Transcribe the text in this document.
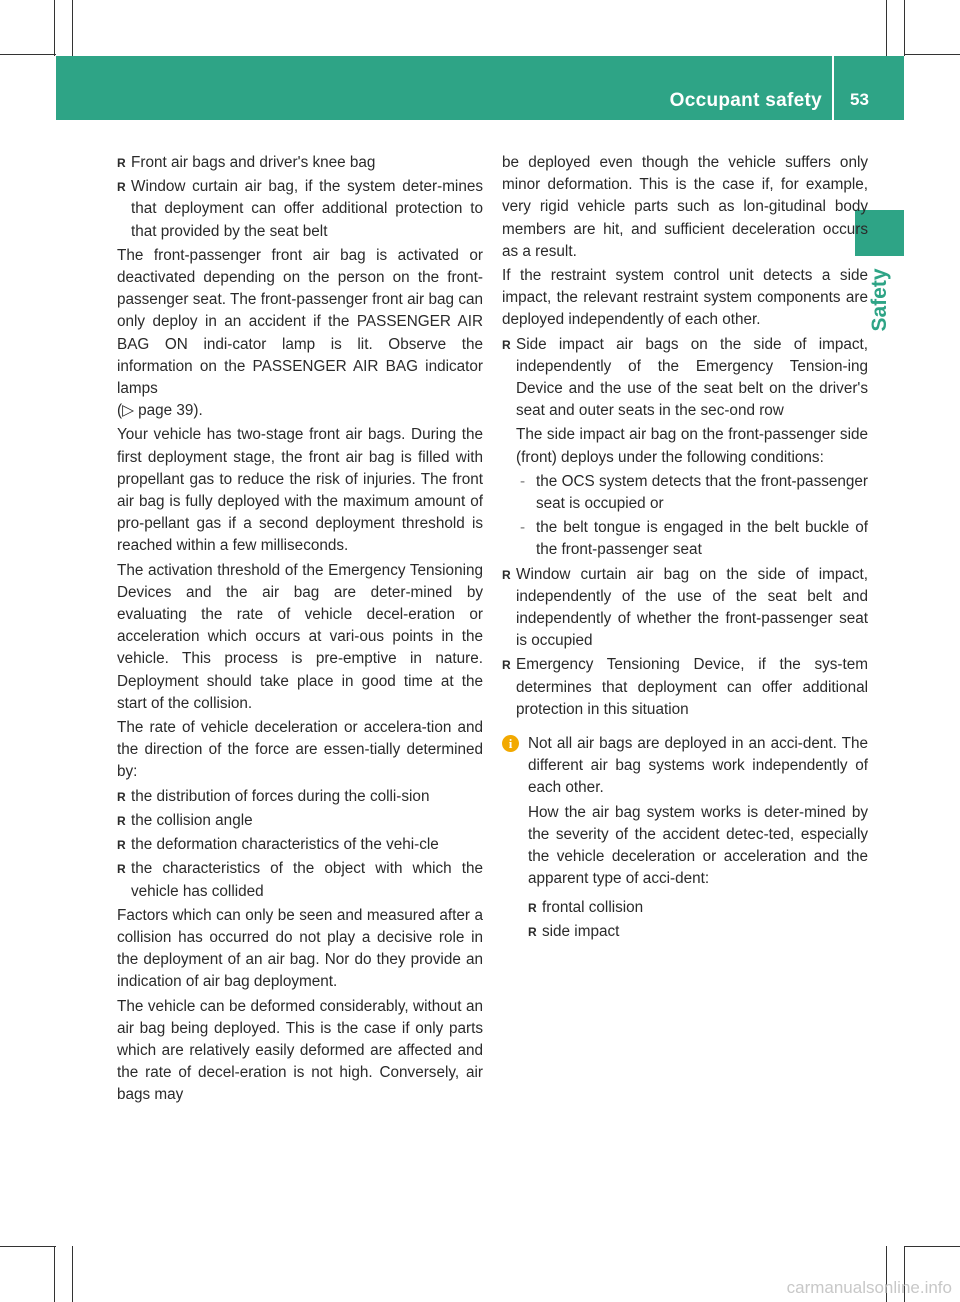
Occupant safety 53
Safety
R Front air bags and driver's knee bag
R Window curtain air bag, if the system deter-mines that deployment can offer additional protection to that provided by the seat belt

The front-passenger front air bag is activated or deactivated depending on the person on the front-passenger seat. The front-passenger front air bag can only deploy in an accident if the PASSENGER AIR BAG ON indi-cator lamp is lit. Observe the information on the PASSENGER AIR BAG indicator lamps

(▷ page 39).

Your vehicle has two-stage front air bags. During the first deployment stage, the front air bag is filled with propellant gas to reduce the risk of injuries. The front air bag is fully deployed with the maximum amount of pro-pellant gas if a second deployment threshold is reached within a few milliseconds.

The activation threshold of the Emergency Tensioning Devices and the air bag are deter-mined by evaluating the rate of vehicle decel-eration or acceleration which occurs at vari-ous points in the vehicle. This process is pre-emptive in nature. Deployment should take place in good time at the start of the collision.

The rate of vehicle deceleration or accelera-tion and the direction of the force are essen-tially determined by:

R the distribution of forces during the colli-sion
R the collision angle
R the deformation characteristics of the vehi-cle
R the characteristics of the object with which the vehicle has collided

Factors which can only be seen and measured after a collision has occurred do not play a decisive role in the deployment of an air bag. Nor do they provide an indication of air bag deployment.

The vehicle can be deformed considerably, without an air bag being deployed. This is the case if only parts which are relatively easily deformed are affected and the rate of decel-eration is not high. Conversely, air bags may

be deployed even though the vehicle suffers only minor deformation. This is the case if, for example, very rigid vehicle parts such as lon-gitudinal body members are hit, and sufficient deceleration occurs as a result.

If the restraint system control unit detects a side impact, the relevant restraint system components are deployed independently of each other.

R Side impact air bags on the side of impact, independently of the Emergency Tension-ing Device and the use of the seat belt on the driver's seat and outer seats in the sec-ond row

The side impact air bag on the front-passenger side (front) deploys under the following conditions:

- the OCS system detects that the front-passenger seat is occupied or
- the belt tongue is engaged in the belt buckle of the front-passenger seat
R Window curtain air bag on the side of impact, independently of the use of the seat belt and independently of whether the front-passenger seat is occupied
R Emergency Tensioning Device, if the sys-tem determines that deployment can offer additional protection in this situation
i	Not all air bags are deployed in an acci-dent. The different air bag systems work independently of each other.

How the air bag system works is deter-mined by the severity of the accident detec-ted, especially the vehicle deceleration or acceleration and the apparent type of acci-dent:

R frontal collision
R side impact
carmanualsonline.info
